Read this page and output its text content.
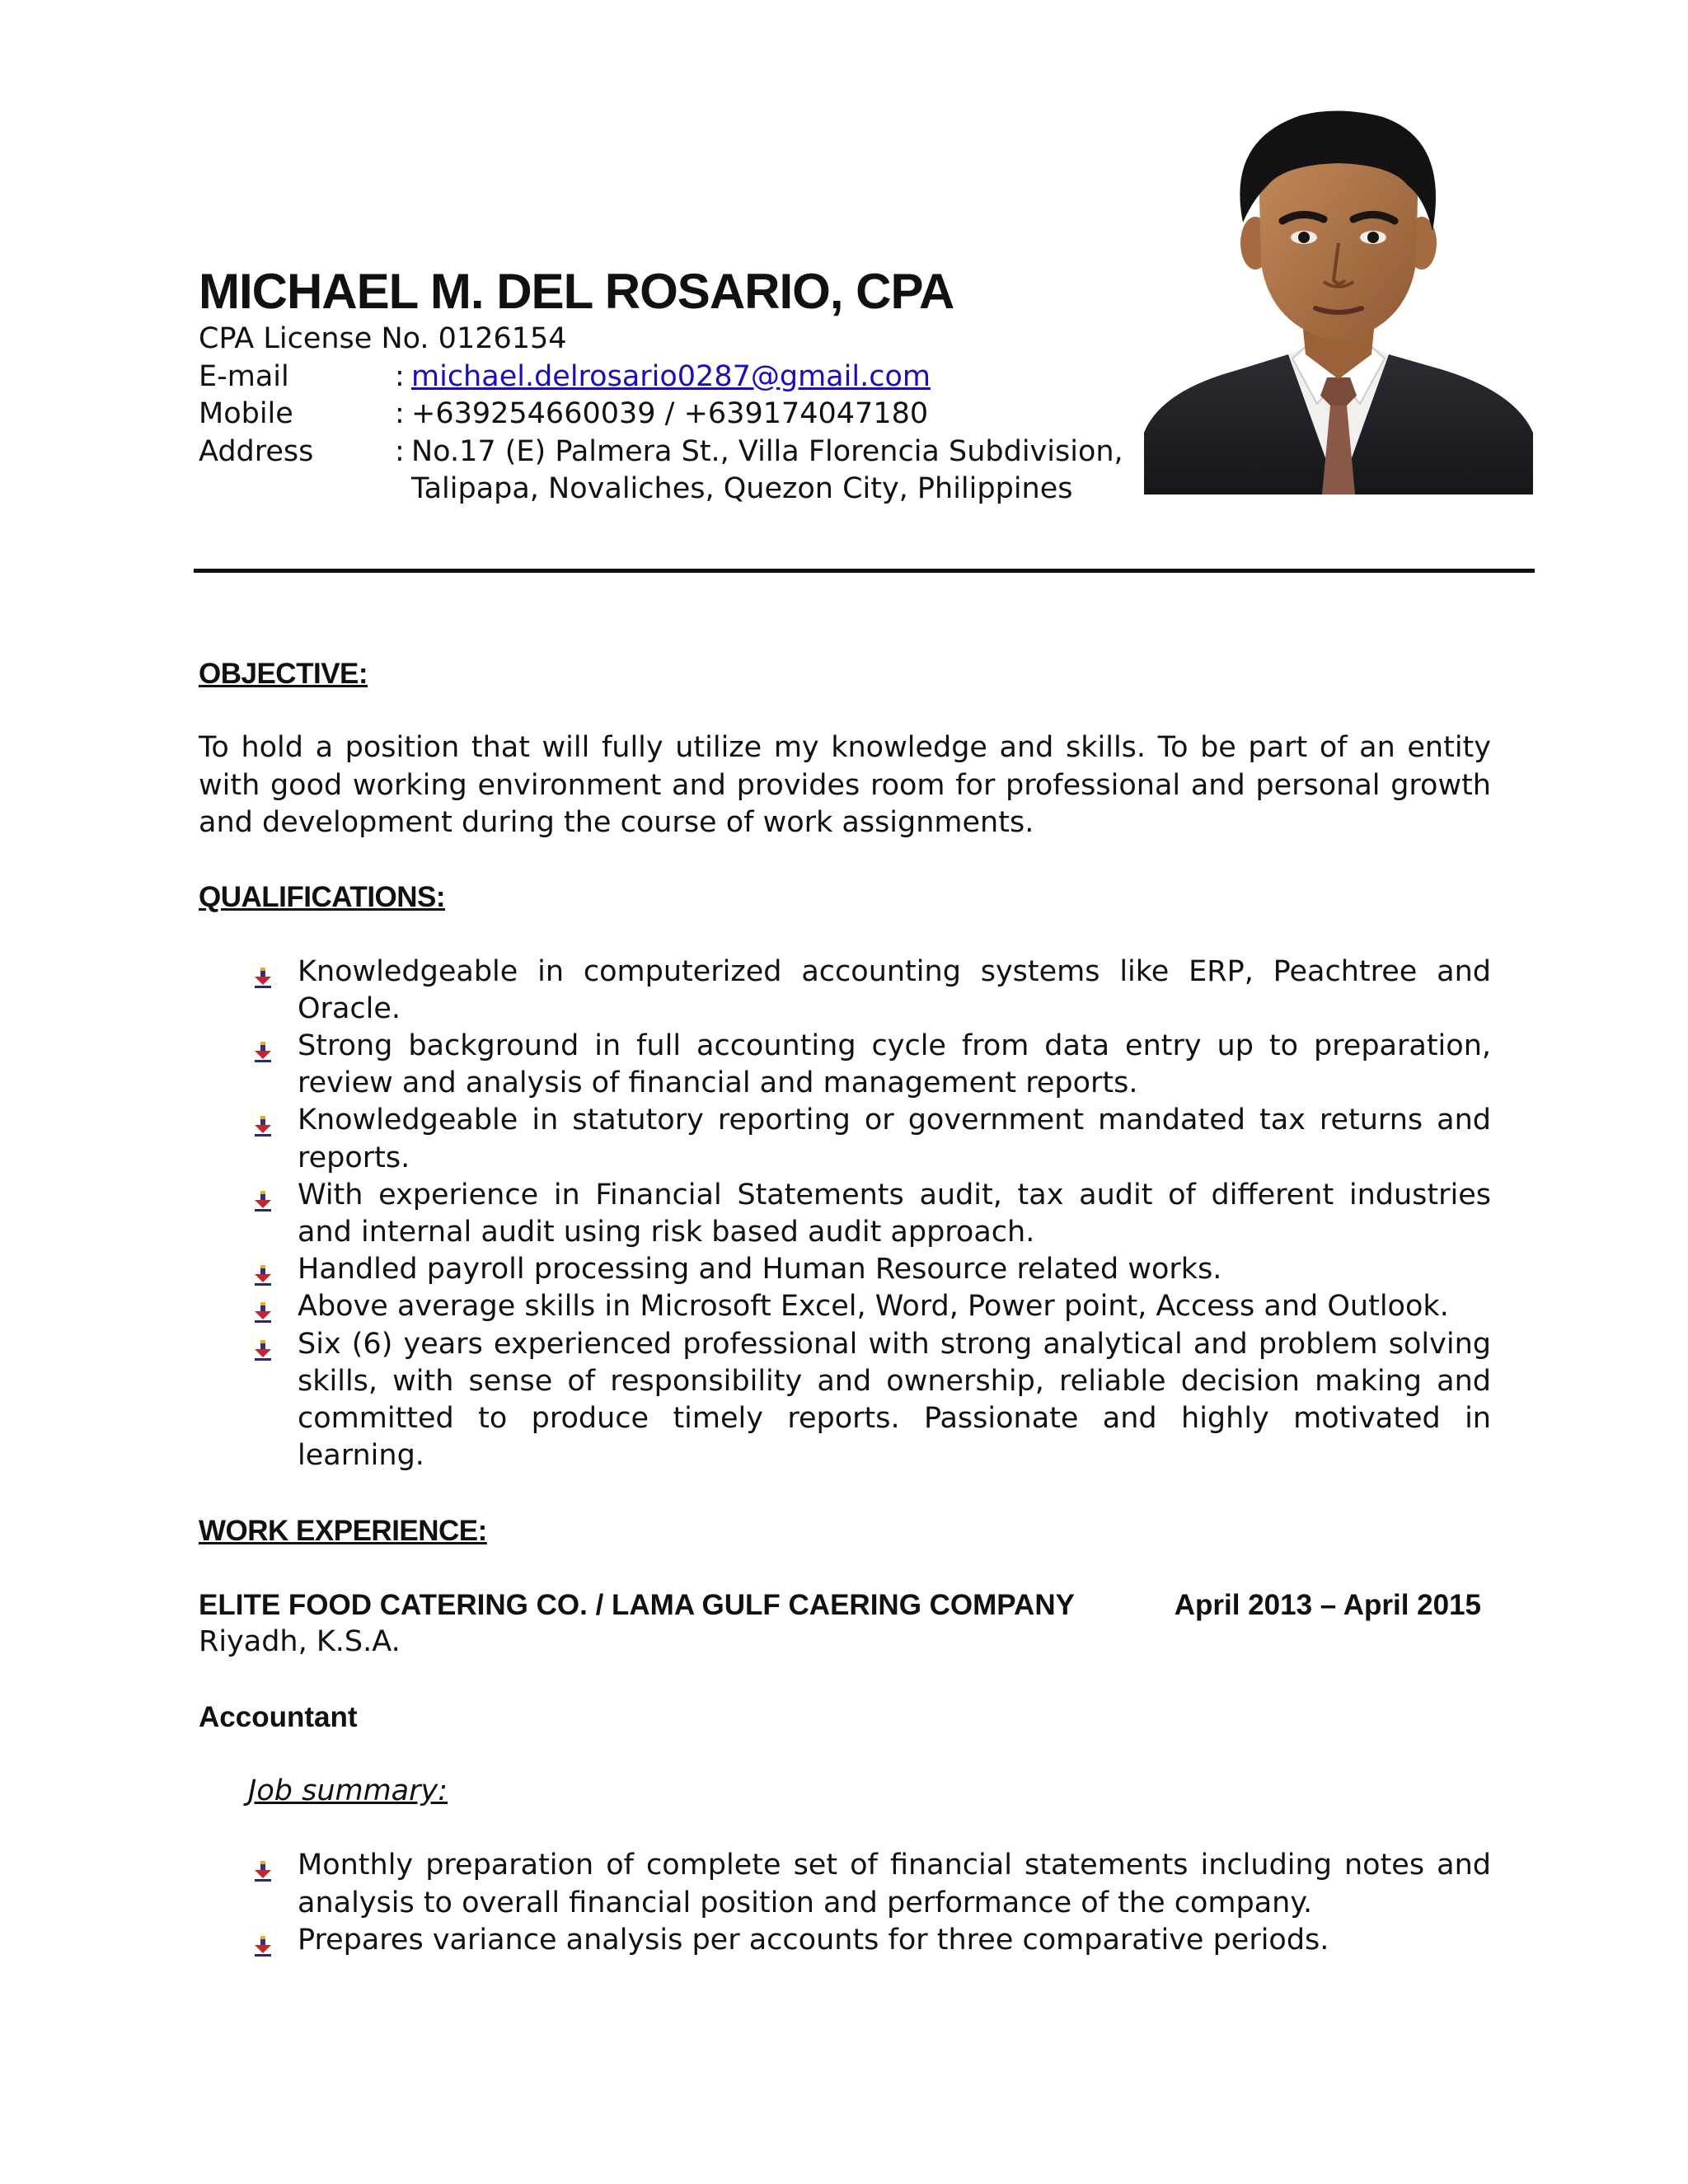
MICHAEL M. DEL ROSARIO, CPA
CPA License No. 0126154
E-mail	: michael.delrosario0287@gmail.com
Mobile	: +639254660039 / +639174047180
Address	: No.17 (E) Palmera St., Villa Florencia Subdivision,
Talipapa, Novaliches, Quezon City, Philippines
OBJECTIVE:

To hold a position that will fully utilize my knowledge and skills. To be part of an entity with good working environment and provides room for professional and personal growth and development during the course of work assignments.

QUALIFICATIONS:
Knowledgeable in computerized accounting systems like ERP, Peachtree and Oracle.
Strong background in full accounting cycle from data entry up to preparation, review and analysis of financial and management reports.
Knowledgeable in statutory reporting or government mandated tax returns and reports.
With experience in Financial Statements audit, tax audit of different industries and internal audit using risk based audit approach.
Handled payroll processing and Human Resource related works.
Above average skills in Microsoft Excel, Word, Power point, Access and Outlook.
Six (6) years experienced professional with strong analytical and problem solving skills, with sense of responsibility and ownership, reliable decision making and committed to produce timely reports. Passionate and highly motivated in learning.
WORK EXPERIENCE:
ELITE FOOD CATERING CO. / LAMA GULF CAERING COMPANY	April 2013 – April 2015
Riyadh, K.S.A.
Accountant
Job summary:
Monthly preparation of complete set of financial statements including notes and analysis to overall financial position and performance of the company.
Prepares variance analysis per accounts for three comparative periods.
